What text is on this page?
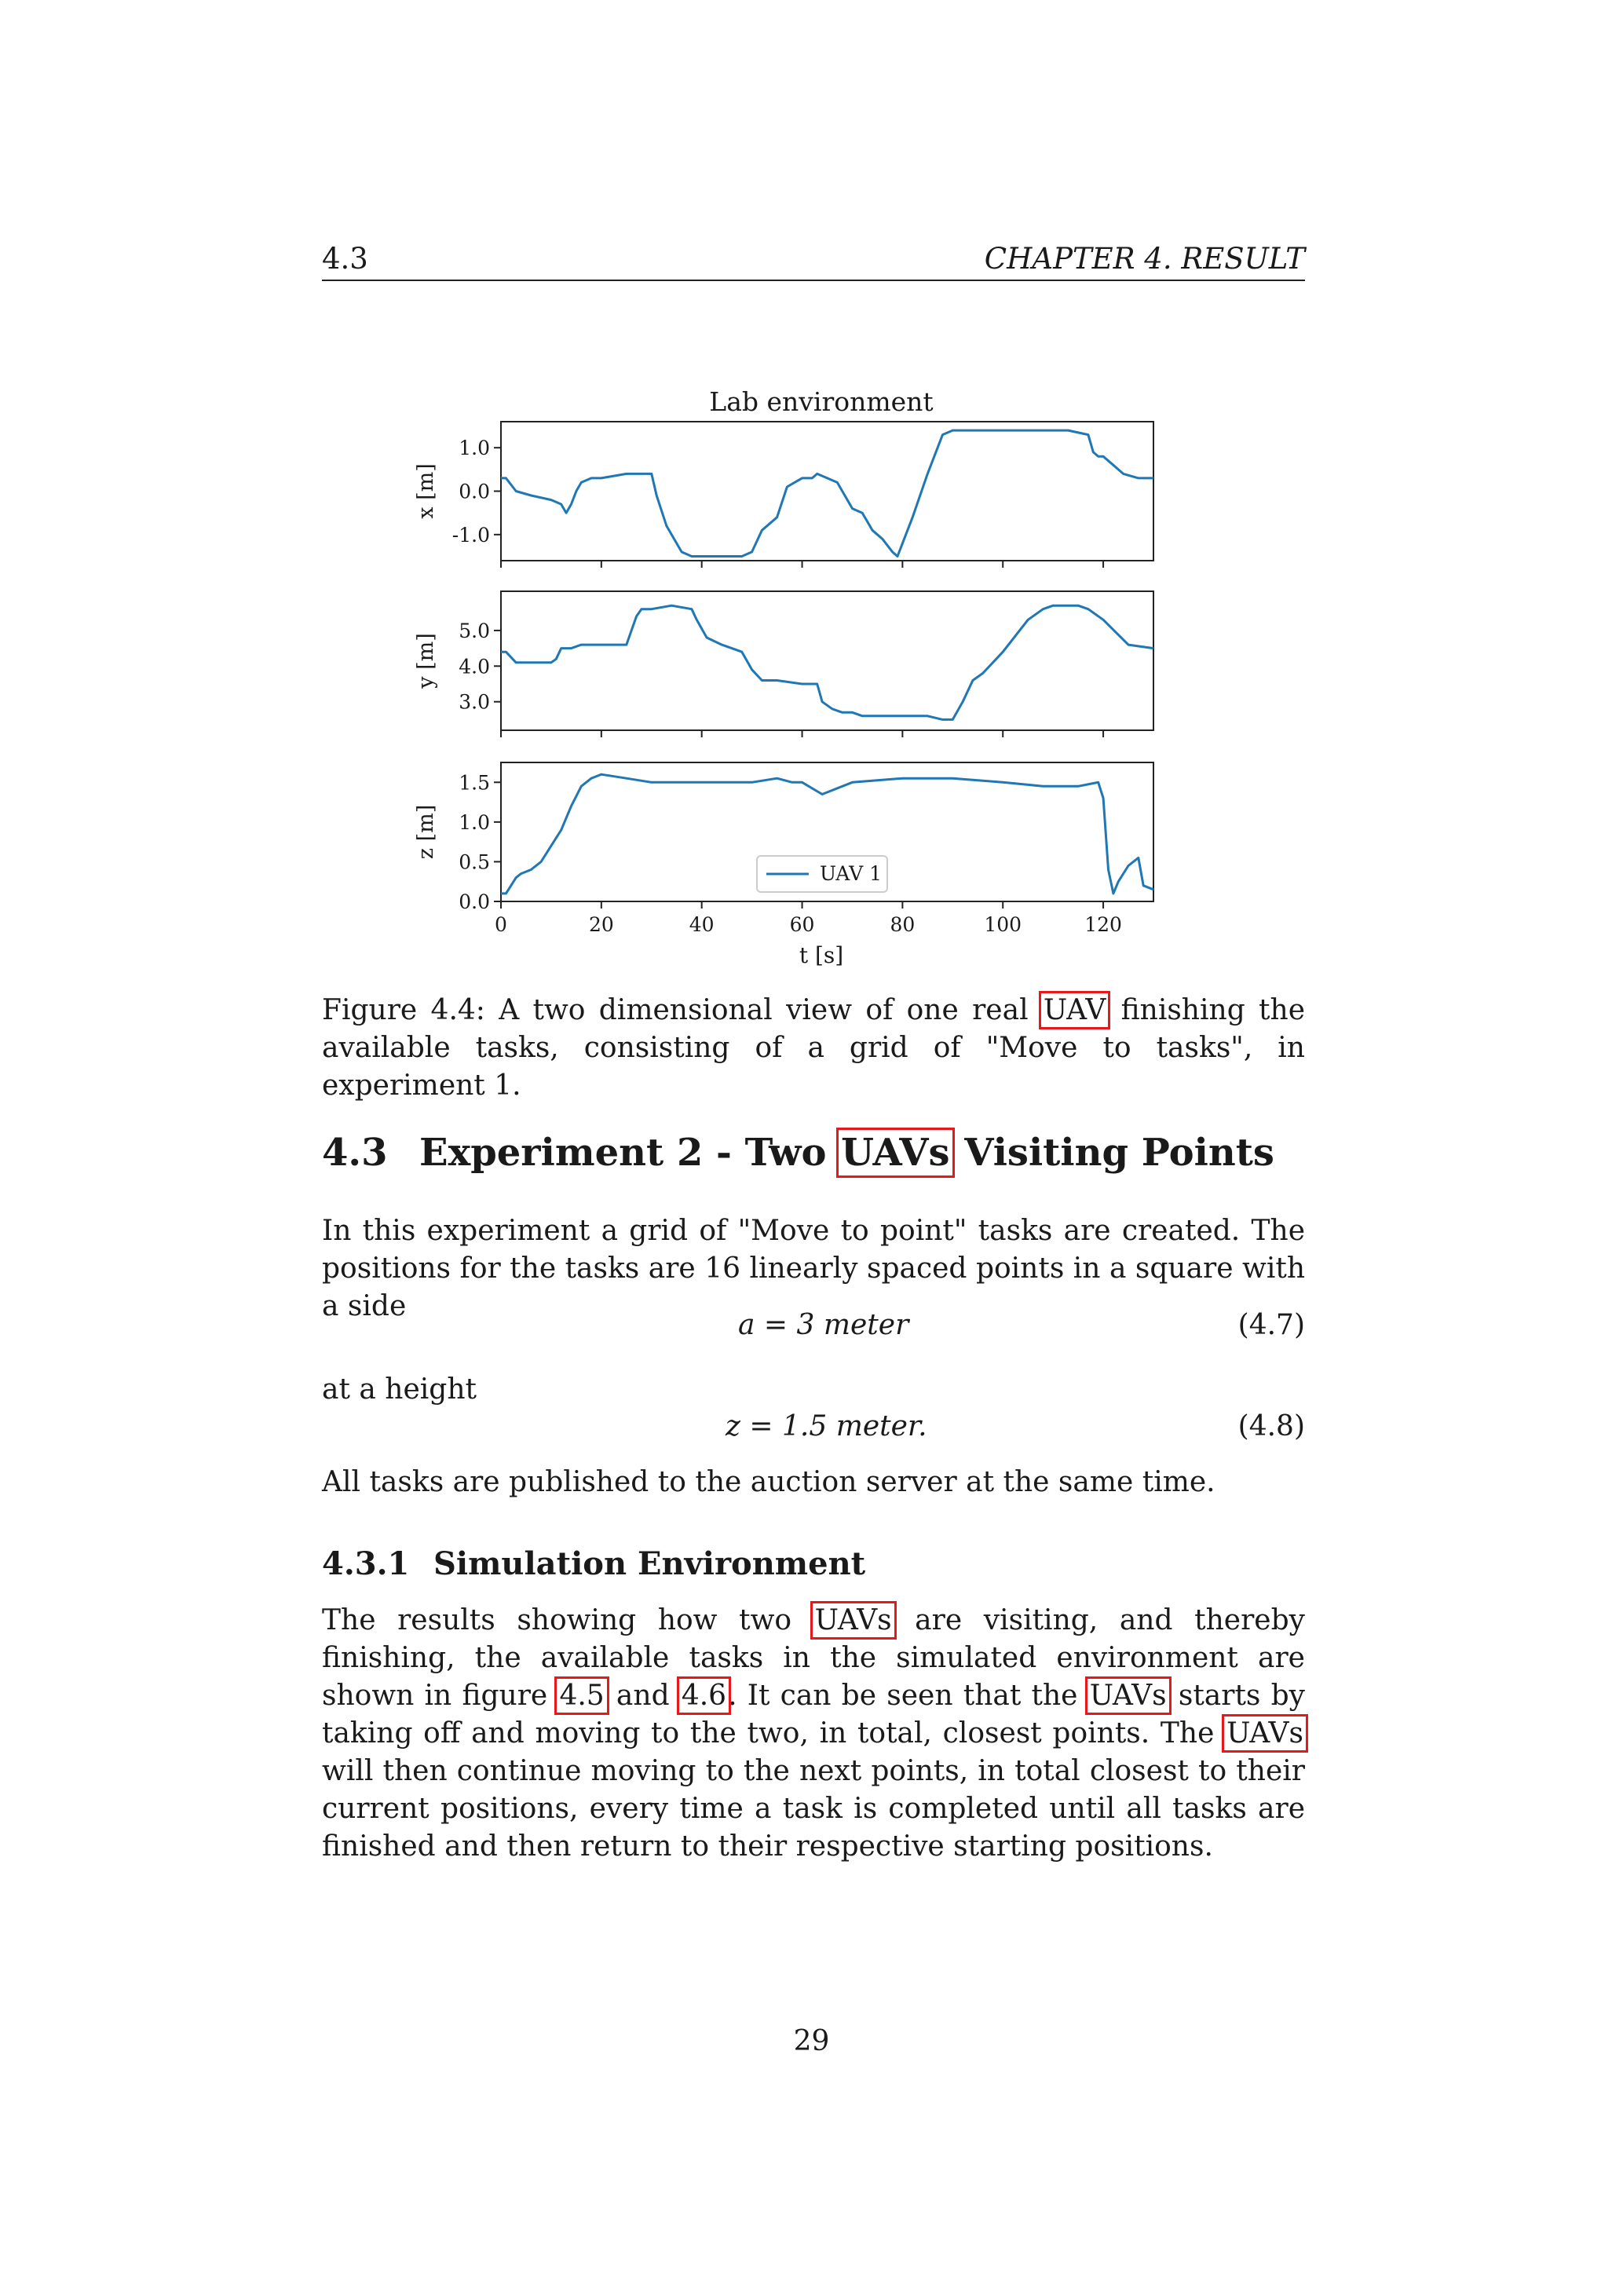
4.3	CHAPTER 4. RESULT
Lab environment
1.0
0.0
-1.0
x [m]
5.0
4.0
3.0
y [m]
1.5
1.0
0.5
0.0
z [m]
0	20	40	60	80	100	120
t [s]
UAV 1
Figure 4.4: A two dimensional view of one real UAV finishing the available tasks, consisting of a grid of "Move to tasks", in experiment 1.
4.3 Experiment 2 - Two UAVs Visiting Points
In this experiment a grid of "Move to point" tasks are created. The positions for the tasks are 16 linearly spaced points in a square with a side
a = 3 meter	(4.7)
at a height
z = 1.5 meter.	(4.8)
All tasks are published to the auction server at the same time.
4.3.1 Simulation Environment
The results showing how two UAVs are visiting, and thereby finishing, the available tasks in the simulated environment are shown in figure 4.5 and 4.6. It can be seen that the UAVs starts by taking off and moving to the two, in total, closest points. The UAVs will then continue moving to the next points, in total closest to their current positions, every time a task is completed until all tasks are finished and then return to their respective starting positions.
29
